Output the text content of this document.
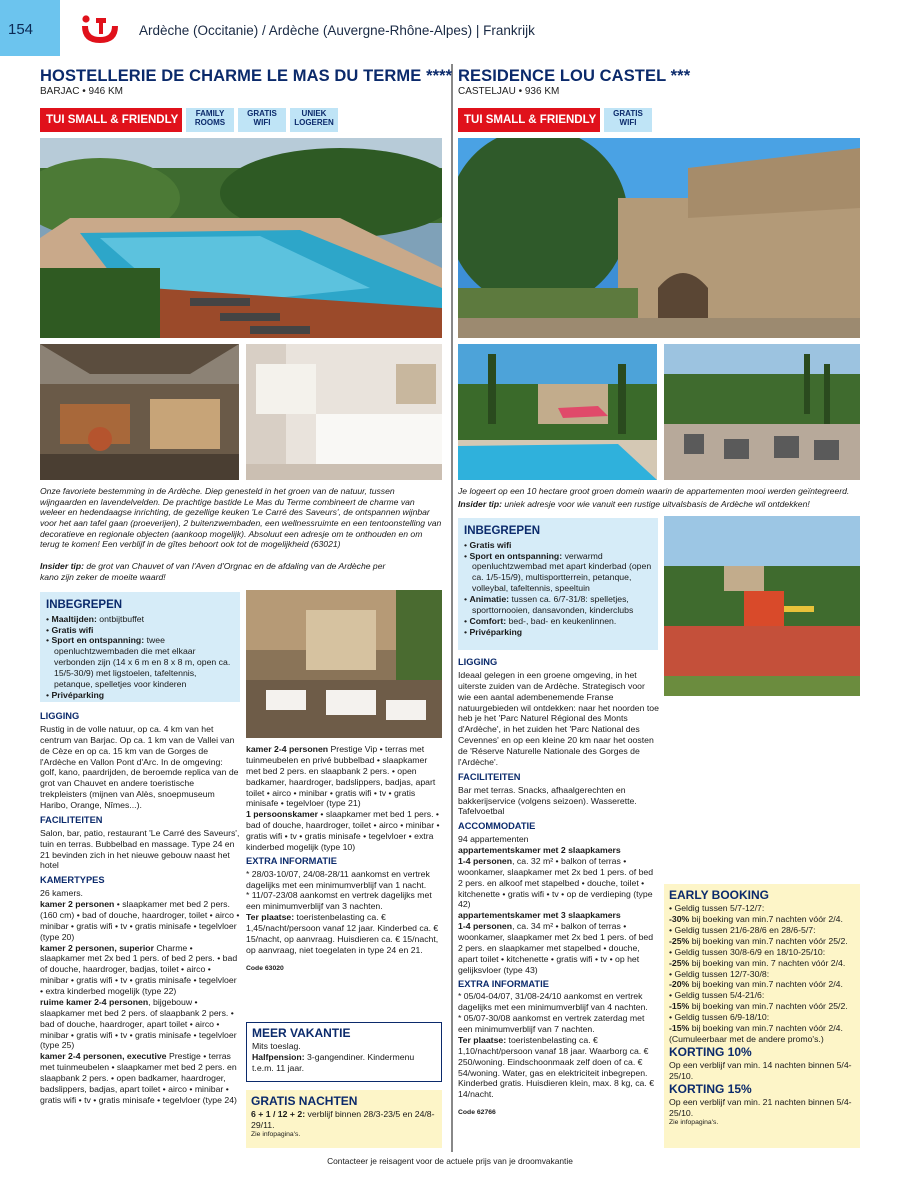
154	Ardèche (Occitanie) / Ardèche (Auvergne-Rhône-Alpes) | Frankrijk
HOSTELLERIE DE CHARME LE MAS DU TERME ****
BARJAC • 946 KM
TUI SMALL & FRIENDLY
FAMILY ROOMS
GRATIS WIFI
UNIEK LOGEREN
Onze favoriete bestemming in de Ardèche. Diep genesteld in het groen van de natuur, tussen wijngaarden en lavendelvelden. De prachtige bastide Le Mas du Terme combineert de charme van weleer en hedendaagse inrichting, de gezellige keuken 'Le Carré des Saveurs', de ontspannen wijnbar voor het aan tafel gaan (proeverijen), 2 buitenzwembaden, een wellnessruimte en een tentoonstelling van decoratieve en regionale objecten (aankoop mogelijk). Absoluut een adresje om te onthouden en om terug te komen! Een verblijf in de gîtes behoort ook tot de mogelijkheid (63021)
Insider tip: de grot van Chauvet of van l'Aven d'Orgnac en de afdaling van de Ardèche per kano zijn zeker de moeite waard!
INBEGREPEN
• Maaltijden: ontbijtbuffet
• Gratis wifi
• Sport en ontspanning: twee openluchtzwembaden die met elkaar verbonden zijn (14 x 6 m en 8 x 8 m, open ca. 15/5-30/9) met ligstoelen, tafeltennis, petanque, spelletjes voor kinderen
• Privéparking
LIGGING
Rustig in de volle natuur, op ca. 4 km van het centrum van Barjac. Op ca. 1 km van de Vallei van de Cèze en op ca. 15 km van de Gorges de l'Ardèche en Vallon Pont d'Arc. In de omgeving: golf, kano, paardrijden, de beroemde replica van de grot van Chauvet en andere toeristische trekpleisters (mijnen van Alès, snoepmuseum Haribo, Orange, Nîmes...).
FACILITEITEN
Salon, bar, patio, restaurant 'Le Carré des Saveurs', tuin en terras. Bubbelbad en massage. Type 24 en 21 bevinden zich in het nieuwe gebouw naast het hotel
KAMERTYPES
26 kamers.
kamer 2 personen • slaapkamer met bed 2 pers. (160 cm) • bad of douche, haardroger, toilet • airco • minibar • gratis wifi • tv • gratis minisafe • tegelvloer (type 20)
kamer 2 personen, superior Charme • slaapkamer met 2x bed 1 pers. of bed 2 pers. • bad of douche, haardroger, badjas, toilet • airco • minibar • gratis wifi • tv • gratis minisafe • tegelvloer • extra kinderbed mogelijk (type 22)
ruime kamer 2-4 personen, bijgebouw • slaapkamer met bed 2 pers. of slaapbank 2 pers. • bad of douche, haardroger, apart toilet • airco • minibar • gratis wifi • tv • gratis minisafe • tegelvloer (type 25)
kamer 2-4 personen, executive Prestige • terras met tuinmeubelen • slaapkamer met bed 2 pers. en slaapbank 2 pers. • open badkamer, haardroger, badslippers, badjas, apart toilet • airco • minibar • gratis wifi • tv • gratis minisafe • tegelvloer (type 24)
kamer 2-4 personen Prestige Vip • terras met tuinmeubelen en privé bubbelbad • slaapkamer met bed 2 pers. en slaapbank 2 pers. • open badkamer, haardroger, badslippers, badjas, apart toilet • airco • minibar • gratis wifi • tv • gratis minisafe • tegelvloer (type 21)
1 persoonskamer • slaapkamer met bed 1 pers. • bad of douche, haardroger, toilet • airco • minibar • gratis wifi • tv • gratis minisafe • tegelvloer • extra kinderbed mogelijk (type 10)
EXTRA INFORMATIE
* 28/03-10/07, 24/08-28/11 aankomst en vertrek dagelijks met een minimumverblijf van 1 nacht.
* 11/07-23/08 aankomst en vertrek dagelijks met een minimumverblijf van 3 nachten.
Ter plaatse: toeristenbelasting ca. € 1,45/nacht/persoon vanaf 12 jaar. Kinderbed ca. € 15/nacht, op aanvraag. Huisdieren ca. € 15/nacht, op aanvraag, niet toegelaten in type 24 en 21.
Code 63020
MEER VAKANTIE
Mits toeslag.
Halfpension: 3-gangendiner. Kindermenu t.e.m. 11 jaar.
GRATIS NACHTEN
6 + 1 / 12 + 2: verblijf binnen 28/3-23/5 en 24/8-29/11.
Zie infopagina's.
RESIDENCE LOU CASTEL ***
CASTELJAU • 936 KM
TUI SMALL & FRIENDLY
GRATIS WIFI
Je logeert op een 10 hectare groot groen domein waarin de appartementen mooi werden geïntegreerd.
Insider tip: uniek adresje voor wie vanuit een rustige uitvalsbasis de Ardèche wil ontdekken!
INBEGREPEN
• Gratis wifi
• Sport en ontspanning: verwarmd openluchtzwembad met apart kinderbad (open ca. 1/5-15/9), multisportterrein, petanque, volleybal, tafeltennis, speeltuin
• Animatie: tussen ca. 6/7-31/8: spelletjes, sporttornooien, dansavonden, kinderclubs
• Comfort: bed-, bad- en keukenlinnen.
• Privéparking
LIGGING
Ideaal gelegen in een groene omgeving, in het uiterste zuiden van de Ardèche. Strategisch voor wie een aantal adembenemende Franse natuurgebieden wil ontdekken: naar het noorden toe heb je het 'Parc Naturel Régional des Monts d'Ardèche', in het zuiden het 'Parc National des Cevennes' en op een kleine 20 km naar het oosten de 'Réserve Naturelle Nationale des Gorges de l'Ardèche'.
FACILITEITEN
Bar met terras. Snacks, afhaalgerechten en bakkerijservice (volgens seizoen). Wasserette. Tafelvoetbal
ACCOMMODATIE
94 appartementen
appartementskamer met 2 slaapkamers
1-4 personen, ca. 32 m² • balkon of terras • woonkamer, slaapkamer met 2x bed 1 pers. of bed 2 pers. en alkoof met stapelbed • douche, toilet • kitchenette • gratis wifi • tv • op de verdieping (type 42)
appartementskamer met 3 slaapkamers
1-4 personen, ca. 34 m² • balkon of terras • woonkamer, slaapkamer met 2x bed 1 pers. of bed 2 pers. en slaapkamer met stapelbed • douche, apart toilet • kitchenette • gratis wifi • tv • op het gelijksvloer (type 43)
EXTRA INFORMATIE
* 05/04-04/07, 31/08-24/10 aankomst en vertrek dagelijks met een minimumverblijf van 4 nachten.
* 05/07-30/08 aankomst en vertrek zaterdag met een minimumverblijf van 7 nachten.
Ter plaatse: toeristenbelasting ca. € 1,10/nacht/persoon vanaf 18 jaar. Waarborg ca. € 250/woning. Eindschoonmaak zelf doen of ca. € 54/woning. Water, gas en elektriciteit inbegrepen. Kinderbed gratis. Huisdieren klein, max. 8 kg, ca. € 14/nacht.
Code 62766
EARLY BOOKING
• Geldig tussen 5/7-12/7:
-30% bij boeking van min.7 nachten vóór 2/4.
• Geldig tussen 21/6-28/6 en 28/6-5/7:
-25% bij boeking van min.7 nachten vóór 25/2.
• Geldig tussen 30/8-6/9 en 18/10-25/10:
-25% bij boeking van min. 7 nachten vóór 2/4.
• Geldig tussen 12/7-30/8:
-20% bij boeking van min.7 nachten vóór 2/4.
• Geldig tussen 5/4-21/6:
-15% bij boeking van min.7 nachten vóór 25/2.
• Geldig tussen 6/9-18/10:
-15% bij boeking van min.7 nachten vóór 2/4.
(Cumuleerbaar met de andere promo's.)
KORTING 10%
Op een verblijf van min. 14 nachten binnen 5/4-25/10.
KORTING 15%
Op een verblijf van min. 21 nachten binnen 5/4-25/10.
Zie infopagina's.
Contacteer je reisagent voor de actuele prijs van je droomvakantie
